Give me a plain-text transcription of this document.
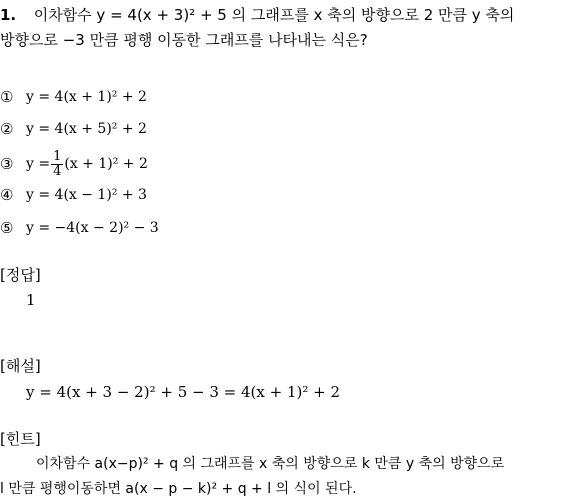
1. 이차함수 y = 4(x + 3)² + 5 의 그래프를 x 축의 방향으로 2 만큼 y 축의
방향으로 −3 만큼 평행 이동한 그래프를 나타내는 식은?
① y = 4(x + 1)² + 2
② y = 4(x + 5)² + 2
③ $y = \frac{1}{4} (x + 1)^2 + 2$
④ y = 4(x − 1)² + 3
⑤ y = −4(x − 2)² − 3
[정답]
1
[해설]
y = 4(x + 3 − 2)² + 5 − 3 = 4(x + 1)² + 2
[힌트]
이차함수 a(x−p)² + q 의 그래프를 x 축의 방향으로 k 만큼 y 축의 방향으로
l 만큼 평행이동하면 a(x − p − k)² + q + l 의 식이 된다.
